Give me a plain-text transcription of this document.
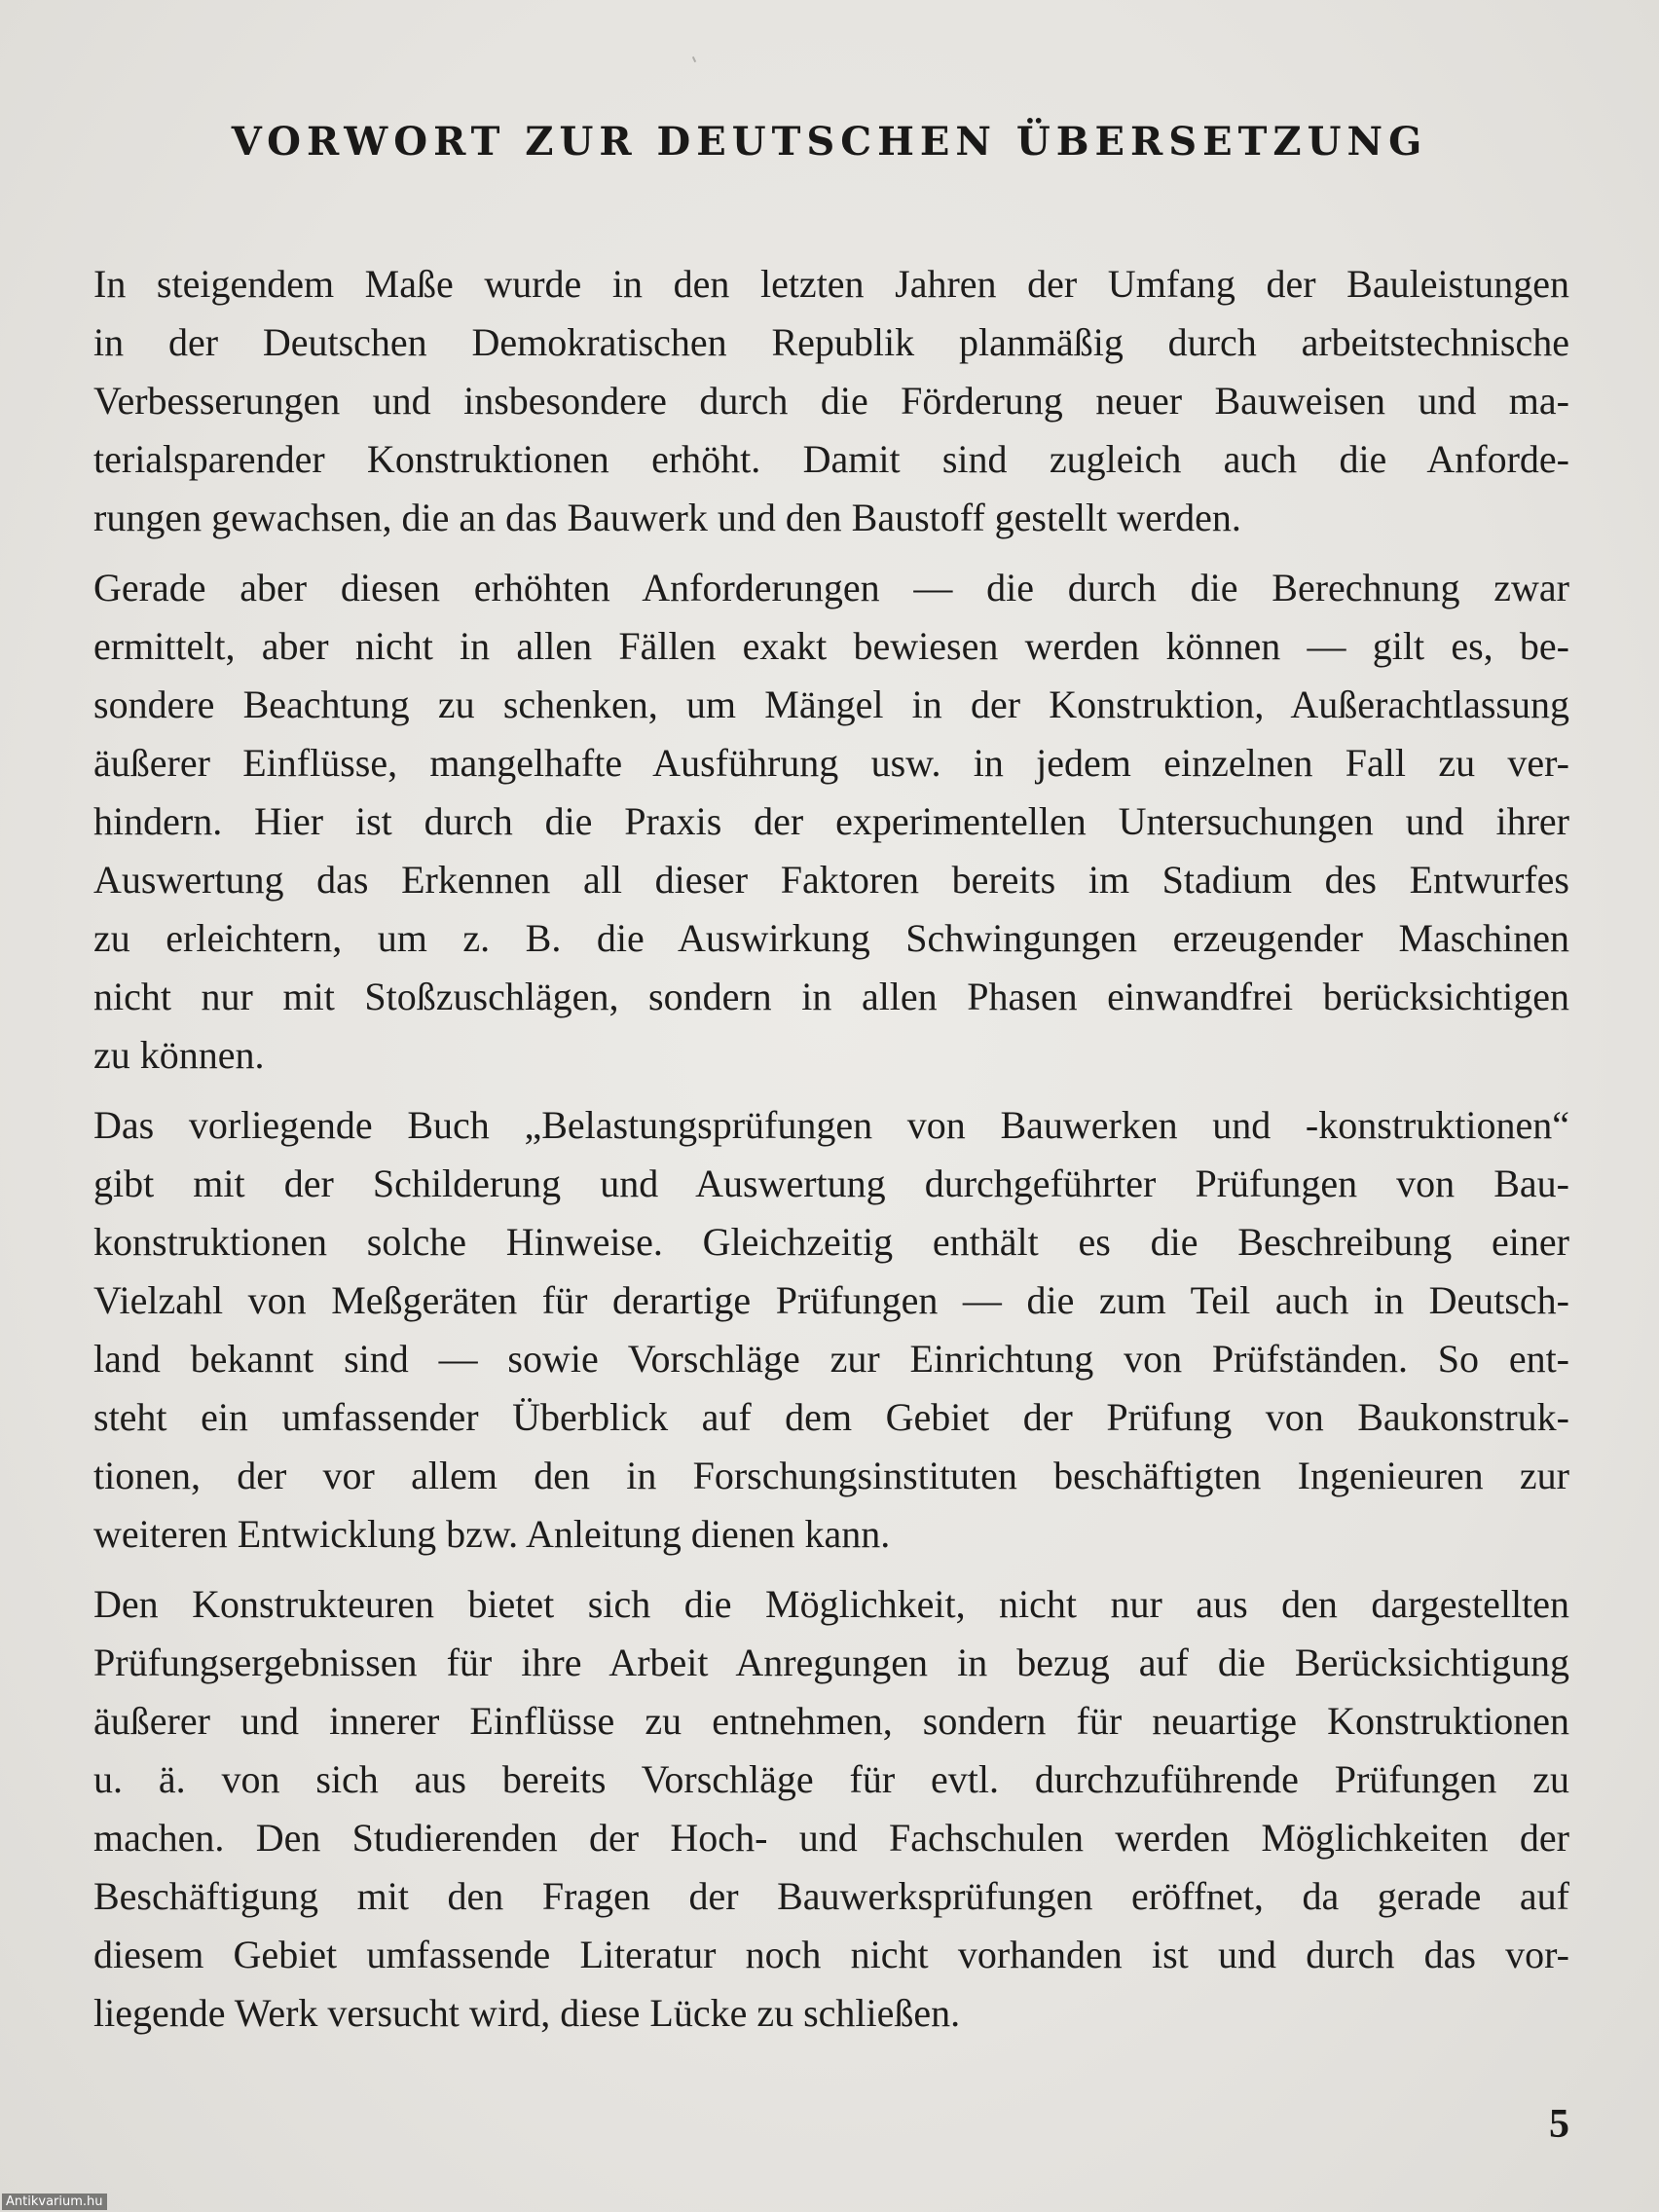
VORWORT ZUR DEUTSCHEN ÜBERSETZUNG

In steigendem Maße wurde in den letzten Jahren der Umfang der Bauleistungen
in der Deutschen Demokratischen Republik planmäßig durch arbeitstechnische
Verbesserungen und insbesondere durch die Förderung neuer Bauweisen und ma-
terialsparender Konstruktionen erhöht. Damit sind zugleich auch die Anforde-
rungen gewachsen, die an das Bauwerk und den Baustoff gestellt werden.

Gerade aber diesen erhöhten Anforderungen — die durch die Berechnung zwar
ermittelt, aber nicht in allen Fällen exakt bewiesen werden können — gilt es, be-
sondere Beachtung zu schenken, um Mängel in der Konstruktion, Außerachtlassung
äußerer Einflüsse, mangelhafte Ausführung usw. in jedem einzelnen Fall zu ver-
hindern. Hier ist durch die Praxis der experimentellen Untersuchungen und ihrer
Auswertung das Erkennen all dieser Faktoren bereits im Stadium des Entwurfes
zu erleichtern, um z. B. die Auswirkung Schwingungen erzeugender Maschinen
nicht nur mit Stoßzuschlägen, sondern in allen Phasen einwandfrei berücksichtigen
zu können.

Das vorliegende Buch „Belastungsprüfungen von Bauwerken und -konstruktionen“
gibt mit der Schilderung und Auswertung durchgeführter Prüfungen von Bau-
konstruktionen solche Hinweise. Gleichzeitig enthält es die Beschreibung einer
Vielzahl von Meßgeräten für derartige Prüfungen — die zum Teil auch in Deutsch-
land bekannt sind — sowie Vorschläge zur Einrichtung von Prüfständen. So ent-
steht ein umfassender Überblick auf dem Gebiet der Prüfung von Baukonstruk-
tionen, der vor allem den in Forschungsinstituten beschäftigten Ingenieuren zur
weiteren Entwicklung bzw. Anleitung dienen kann.

Den Konstrukteuren bietet sich die Möglichkeit, nicht nur aus den dargestellten
Prüfungsergebnissen für ihre Arbeit Anregungen in bezug auf die Berücksichtigung
äußerer und innerer Einflüsse zu entnehmen, sondern für neuartige Konstruktionen
u. ä. von sich aus bereits Vorschläge für evtl. durchzuführende Prüfungen zu
machen. Den Studierenden der Hoch- und Fachschulen werden Möglichkeiten der
Beschäftigung mit den Fragen der Bauwerksprüfungen eröffnet, da gerade auf
diesem Gebiet umfassende Literatur noch nicht vorhanden ist und durch das vor-
liegende Werk versucht wird, diese Lücke zu schließen.

5
Antikvarium.hu
